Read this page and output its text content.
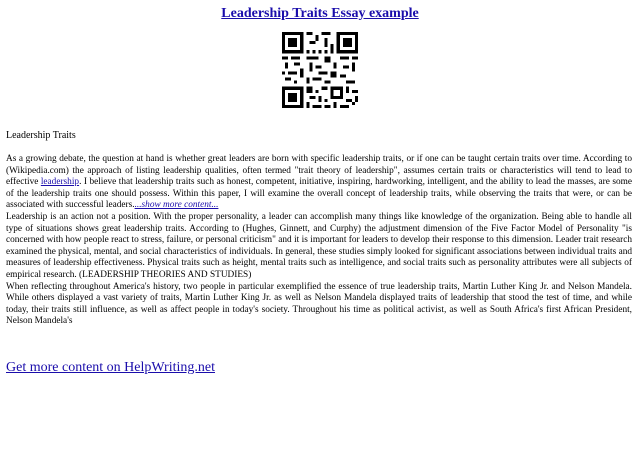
Leadership Traits Essay example
Leadership Traits

As a growing debate, the question at hand is whether great leaders are born with specific leadership traits, or if one can be taught certain traits over time. According to (Wikipedia.com) the approach of listing leadership qualities, often termed "trait theory of leadership", assumes certain traits or characteristics will tend to lead to effective leadership. I believe that leadership traits such as honest, competent, initiative, inspiring, hardworking, intelligent, and the ability to lead the masses, are some of the leadership traits one should possess. Within this paper, I will examine the overall concept of leadership traits, while observing the traits that were, or can be associated with successful leaders....show more content...

Leadership is an action not a position. With the proper personality, a leader can accomplish many things like knowledge of the organization. Being able to handle all type of situations shows great leadership traits. According to (Hughes, Ginnett, and Curphy) the adjustment dimension of the Five Factor Model of Personality "is concerned with how people react to stress, failure, or personal criticism" and it is important for leaders to develop their response to this dimension. Leader trait research examined the physical, mental, and social characteristics of individuals. In general, these studies simply looked for significant associations between individual traits and measures of leadership effectiveness. Physical traits such as height, mental traits such as intelligence, and social traits such as personality attributes were all subjects of empirical research. (LEADERSHIP THEORIES AND STUDIES)

When reflecting throughout America's history, two people in particular exemplified the essence of true leadership traits, Martin Luther King Jr. and Nelson Mandela. While others displayed a vast variety of traits, Martin Luther King Jr. as well as Nelson Mandela displayed traits of leadership that stood the test of time, and while today, their traits still influence, as well as affect people in today's society. Throughout his time as political activist, as well as South Africa's first African President, Nelson Mandela's

Get more content on HelpWriting.net
